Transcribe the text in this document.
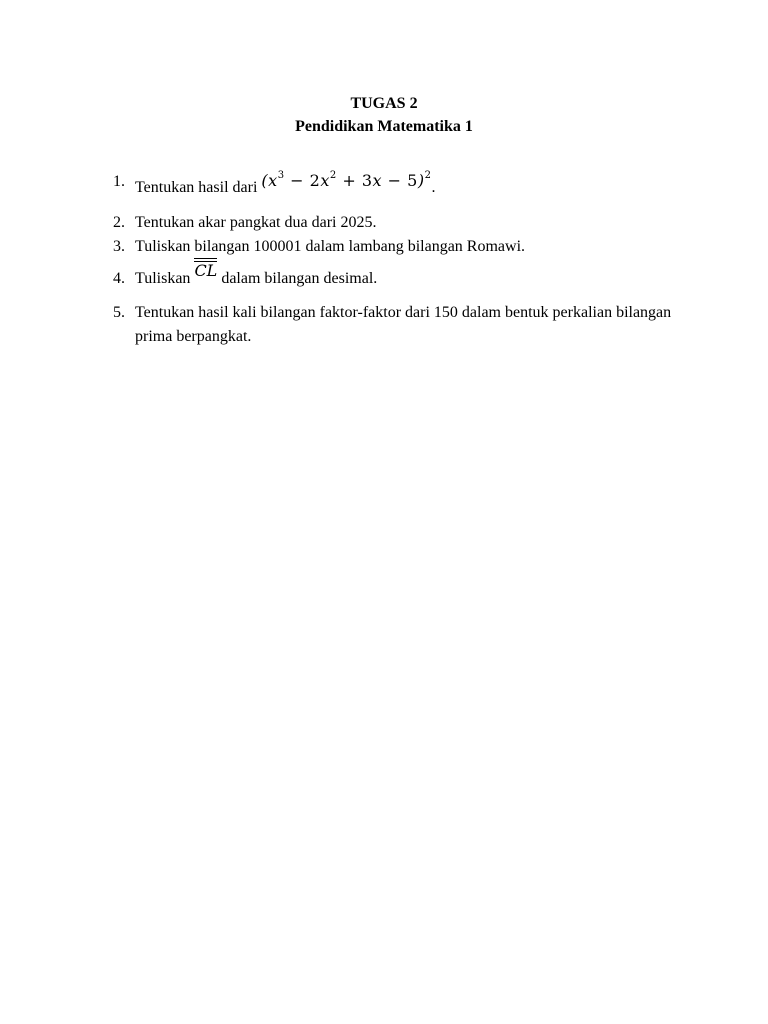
TUGAS 2
Pendidikan Matematika 1
1. Tentukan hasil dari $(x^3 - 2x^2 + 3x - 5)^2$.
2. Tentukan akar pangkat dua dari 2025.
3. Tuliskan bilangan 100001 dalam lambang bilangan Romawi.
4. Tuliskan CL dalam bilangan desimal.
5. Tentukan hasil kali bilangan faktor-faktor dari 150 dalam bentuk perkalian bilangan prima berpangkat.
